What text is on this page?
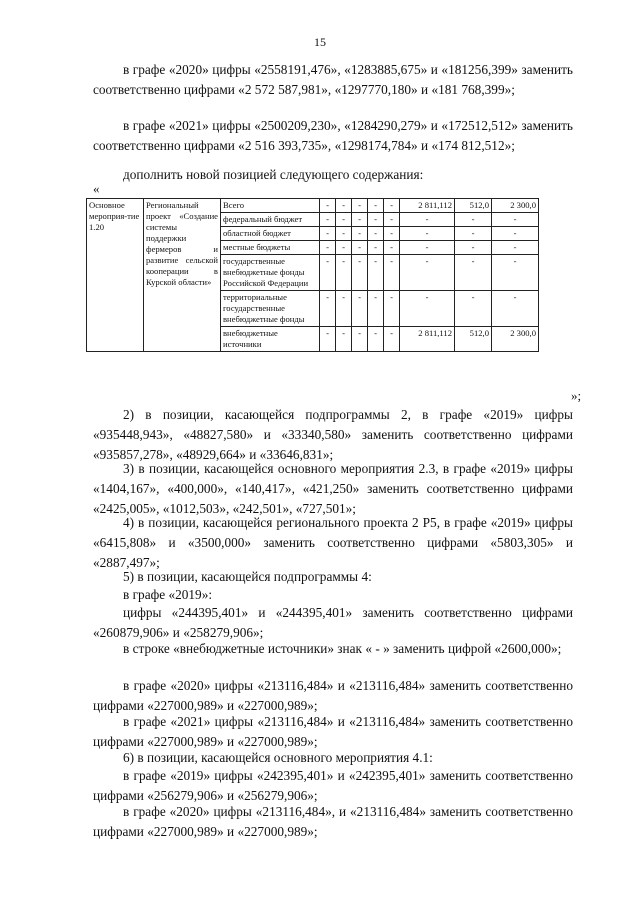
15

в графе «2020» цифры «2558191,476», «1283885,675» и «181256,399» заменить соответственно цифрами «2 572 587,981», «1297770,180» и «181 768,399»;

в графе «2021» цифры «2500209,230», «1284290,279» и «172512,512» заменить соответственно цифрами «2 516 393,735», «1298174,784» и «174 812,512»;

дополнить новой позицией следующего содержания:

«
Основное мероприя-тие 1.20	Региональный проект «Создание системы поддержки фермеров и развитие сельской кооперации в Курской области»	Всего	-	-	-	-	-	2 811,112	512,0	2 300,0
		федеральный бюджет	-	-	-	-	-	-	-	-
		областной бюджет	-	-	-	-	-	-	-	-
		местные бюджеты	-	-	-	-	-	-	-	-
		государственные внебюджетные фонды Российской Федерации	-	-	-	-	-	-	-	-
		территориальные государственные внебюджетные фонды	-	-	-	-	-	-	-	-
		внебюджетные источники	-	-	-	-	-	2 811,112	512,0	2 300,0
»;

2) в позиции, касающейся подпрограммы 2, в графе «2019» цифры «935448,943», «48827,580» и «33340,580» заменить соответственно цифрами «935857,278», «48929,664» и «33646,831»;

3) в позиции, касающейся основного мероприятия 2.3, в графе «2019» цифры «1404,167», «400,000», «140,417», «421,250» заменить соответственно цифрами «2425,005», «1012,503», «242,501», «727,501»;

4) в позиции, касающейся регионального проекта 2 Р5, в графе «2019» цифры «6415,808» и «3500,000» заменить соответственно цифрами «5803,305» и «2887,497»;

5) в позиции, касающейся подпрограммы 4:

в графе «2019»:

цифры «244395,401» и «244395,401» заменить соответственно цифрами «260879,906» и «258279,906»;

в строке «внебюджетные источники» знак « - » заменить цифрой «2600,000»;

в графе «2020» цифры «213116,484» и «213116,484» заменить соответственно цифрами «227000,989» и «227000,989»;

в графе «2021» цифры «213116,484» и «213116,484» заменить соответственно цифрами «227000,989» и «227000,989»;

6) в позиции, касающейся основного мероприятия 4.1:

в графе «2019» цифры «242395,401» и «242395,401» заменить соответственно цифрами «256279,906» и «256279,906»;

в графе «2020» цифры «213116,484», и «213116,484» заменить соответственно цифрами «227000,989» и «227000,989»;
